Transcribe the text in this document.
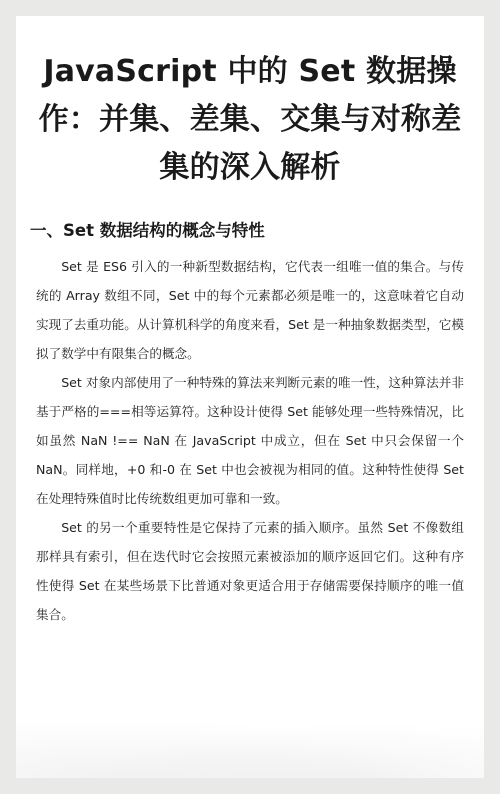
JavaScript 中的 Set 数据操作：并集、差集、交集与对称差集的深入解析
一、Set 数据结构的概念与特性

Set 是 ES6 引入的一种新型数据结构，它代表一组唯一值的集合。与传统的 Array 数组不同，Set 中的每个元素都必须是唯一的，这意味着它自动实现了去重功能。从计算机科学的角度来看，Set 是一种抽象数据类型，它模拟了数学中有限集合的概念。

Set 对象内部使用了一种特殊的算法来判断元素的唯一性，这种算法并非基于严格的===相等运算符。这种设计使得 Set 能够处理一些特殊情况，比如虽然 NaN !== NaN 在 JavaScript 中成立，但在 Set 中只会保留一个 NaN。同样地，+0 和-0 在 Set 中也会被视为相同的值。这种特性使得 Set 在处理特殊值时比传统数组更加可靠和一致。

Set 的另一个重要特性是它保持了元素的插入顺序。虽然 Set 不像数组那样具有索引，但在迭代时它会按照元素被添加的顺序返回它们。这种有序性使得 Set 在某些场景下比普通对象更适合用于存储需要保持顺序的唯一值集合。
